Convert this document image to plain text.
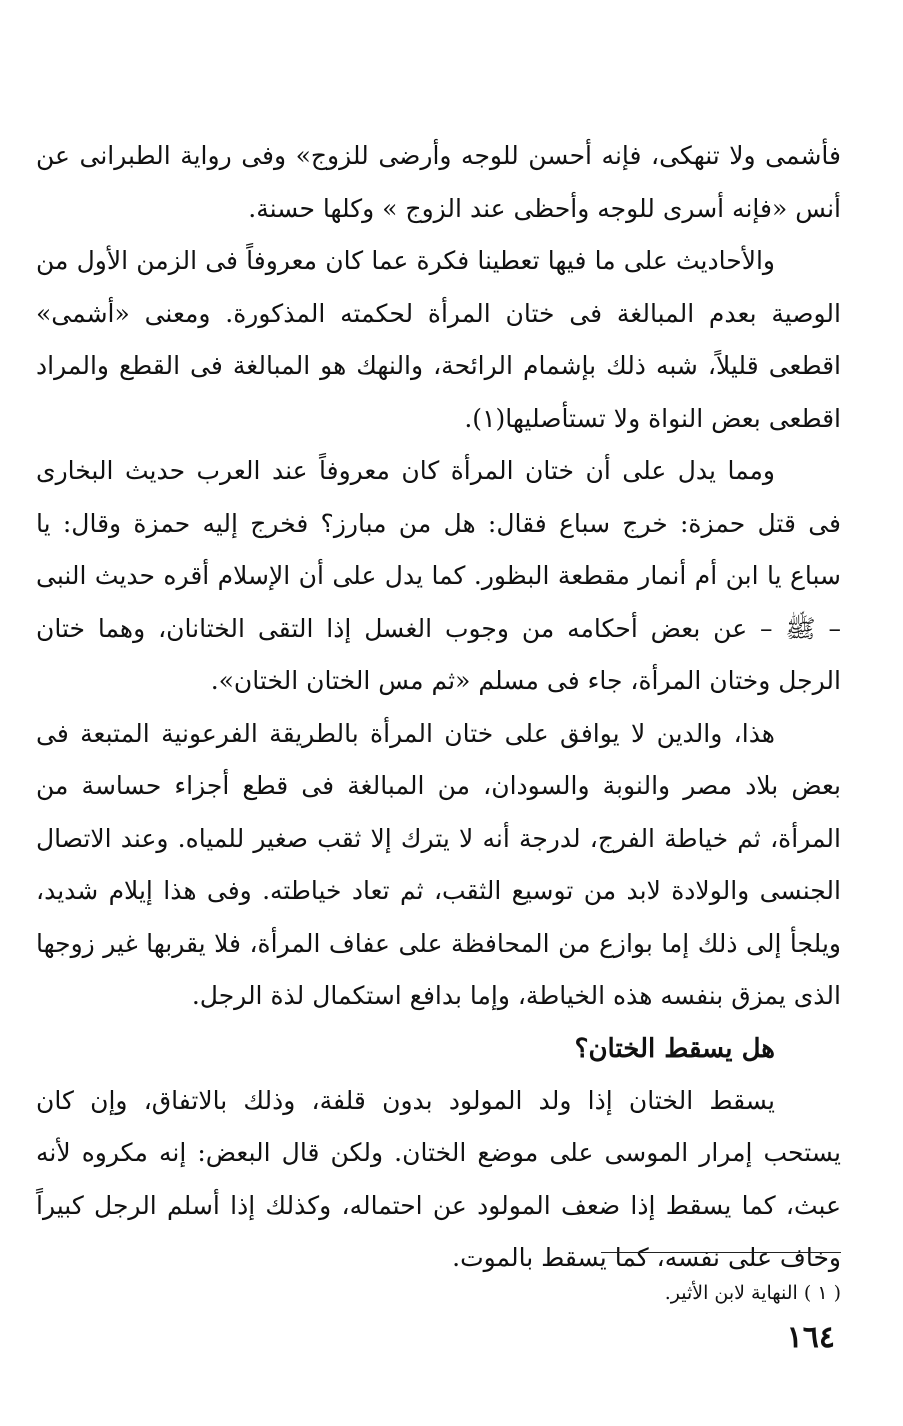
فأشمى ولا تنهكى، فإنه أحسن للوجه وأرضى للزوج» وفى رواية الطبرانى عن أنس «فإنه أسرى للوجه وأحظى عند الزوج » وكلها حسنة.

والأحاديث على ما فيها تعطينا فكرة عما كان معروفاً فى الزمن الأول من الوصية بعدم المبالغة فى ختان المرأة لحكمته المذكورة. ومعنى «أشمى» اقطعى قليلاً، شبه ذلك بإشمام الرائحة، والنهك هو المبالغة فى القطع والمراد اقطعى بعض النواة ولا تستأصليها(١).

ومما يدل على أن ختان المرأة كان معروفاً عند العرب حديث البخارى فى قتل حمزة: خرج سباع فقال: هل من مبارز؟ فخرج إليه حمزة وقال: يا سباع يا ابن أم أنمار مقطعة البظور. كما يدل على أن الإسلام أقره حديث النبى – ﷺ – عن بعض أحكامه من وجوب الغسل إذا التقى الختانان، وهما ختان الرجل وختان المرأة، جاء فى مسلم «ثم مس الختان الختان».

هذا، والدين لا يوافق على ختان المرأة بالطريقة الفرعونية المتبعة فى بعض بلاد مصر والنوبة والسودان، من المبالغة فى قطع أجزاء حساسة من المرأة، ثم خياطة الفرج، لدرجة أنه لا يترك إلا ثقب صغير للمياه. وعند الاتصال الجنسى والولادة لابد من توسيع الثقب، ثم تعاد خياطته. وفى هذا إيلام شديد، ويلجأ إلى ذلك إما بوازع من المحافظة على عفاف المرأة، فلا يقربها غير زوجها الذى يمزق بنفسه هذه الخياطة، وإما بدافع استكمال لذة الرجل.

هل يسقط الختان؟

يسقط الختان إذا ولد المولود بدون قلفة، وذلك بالاتفاق، وإن كان يستحب إمرار الموسى على موضع الختان. ولكن قال البعض: إنه مكروه لأنه عبث، كما يسقط إذا ضعف المولود عن احتماله، وكذلك إذا أسلم الرجل كبيراً وخاف على نفسه، كما يسقط بالموت.

( ١ ) النهاية لابن الأثير.
١٦٤
